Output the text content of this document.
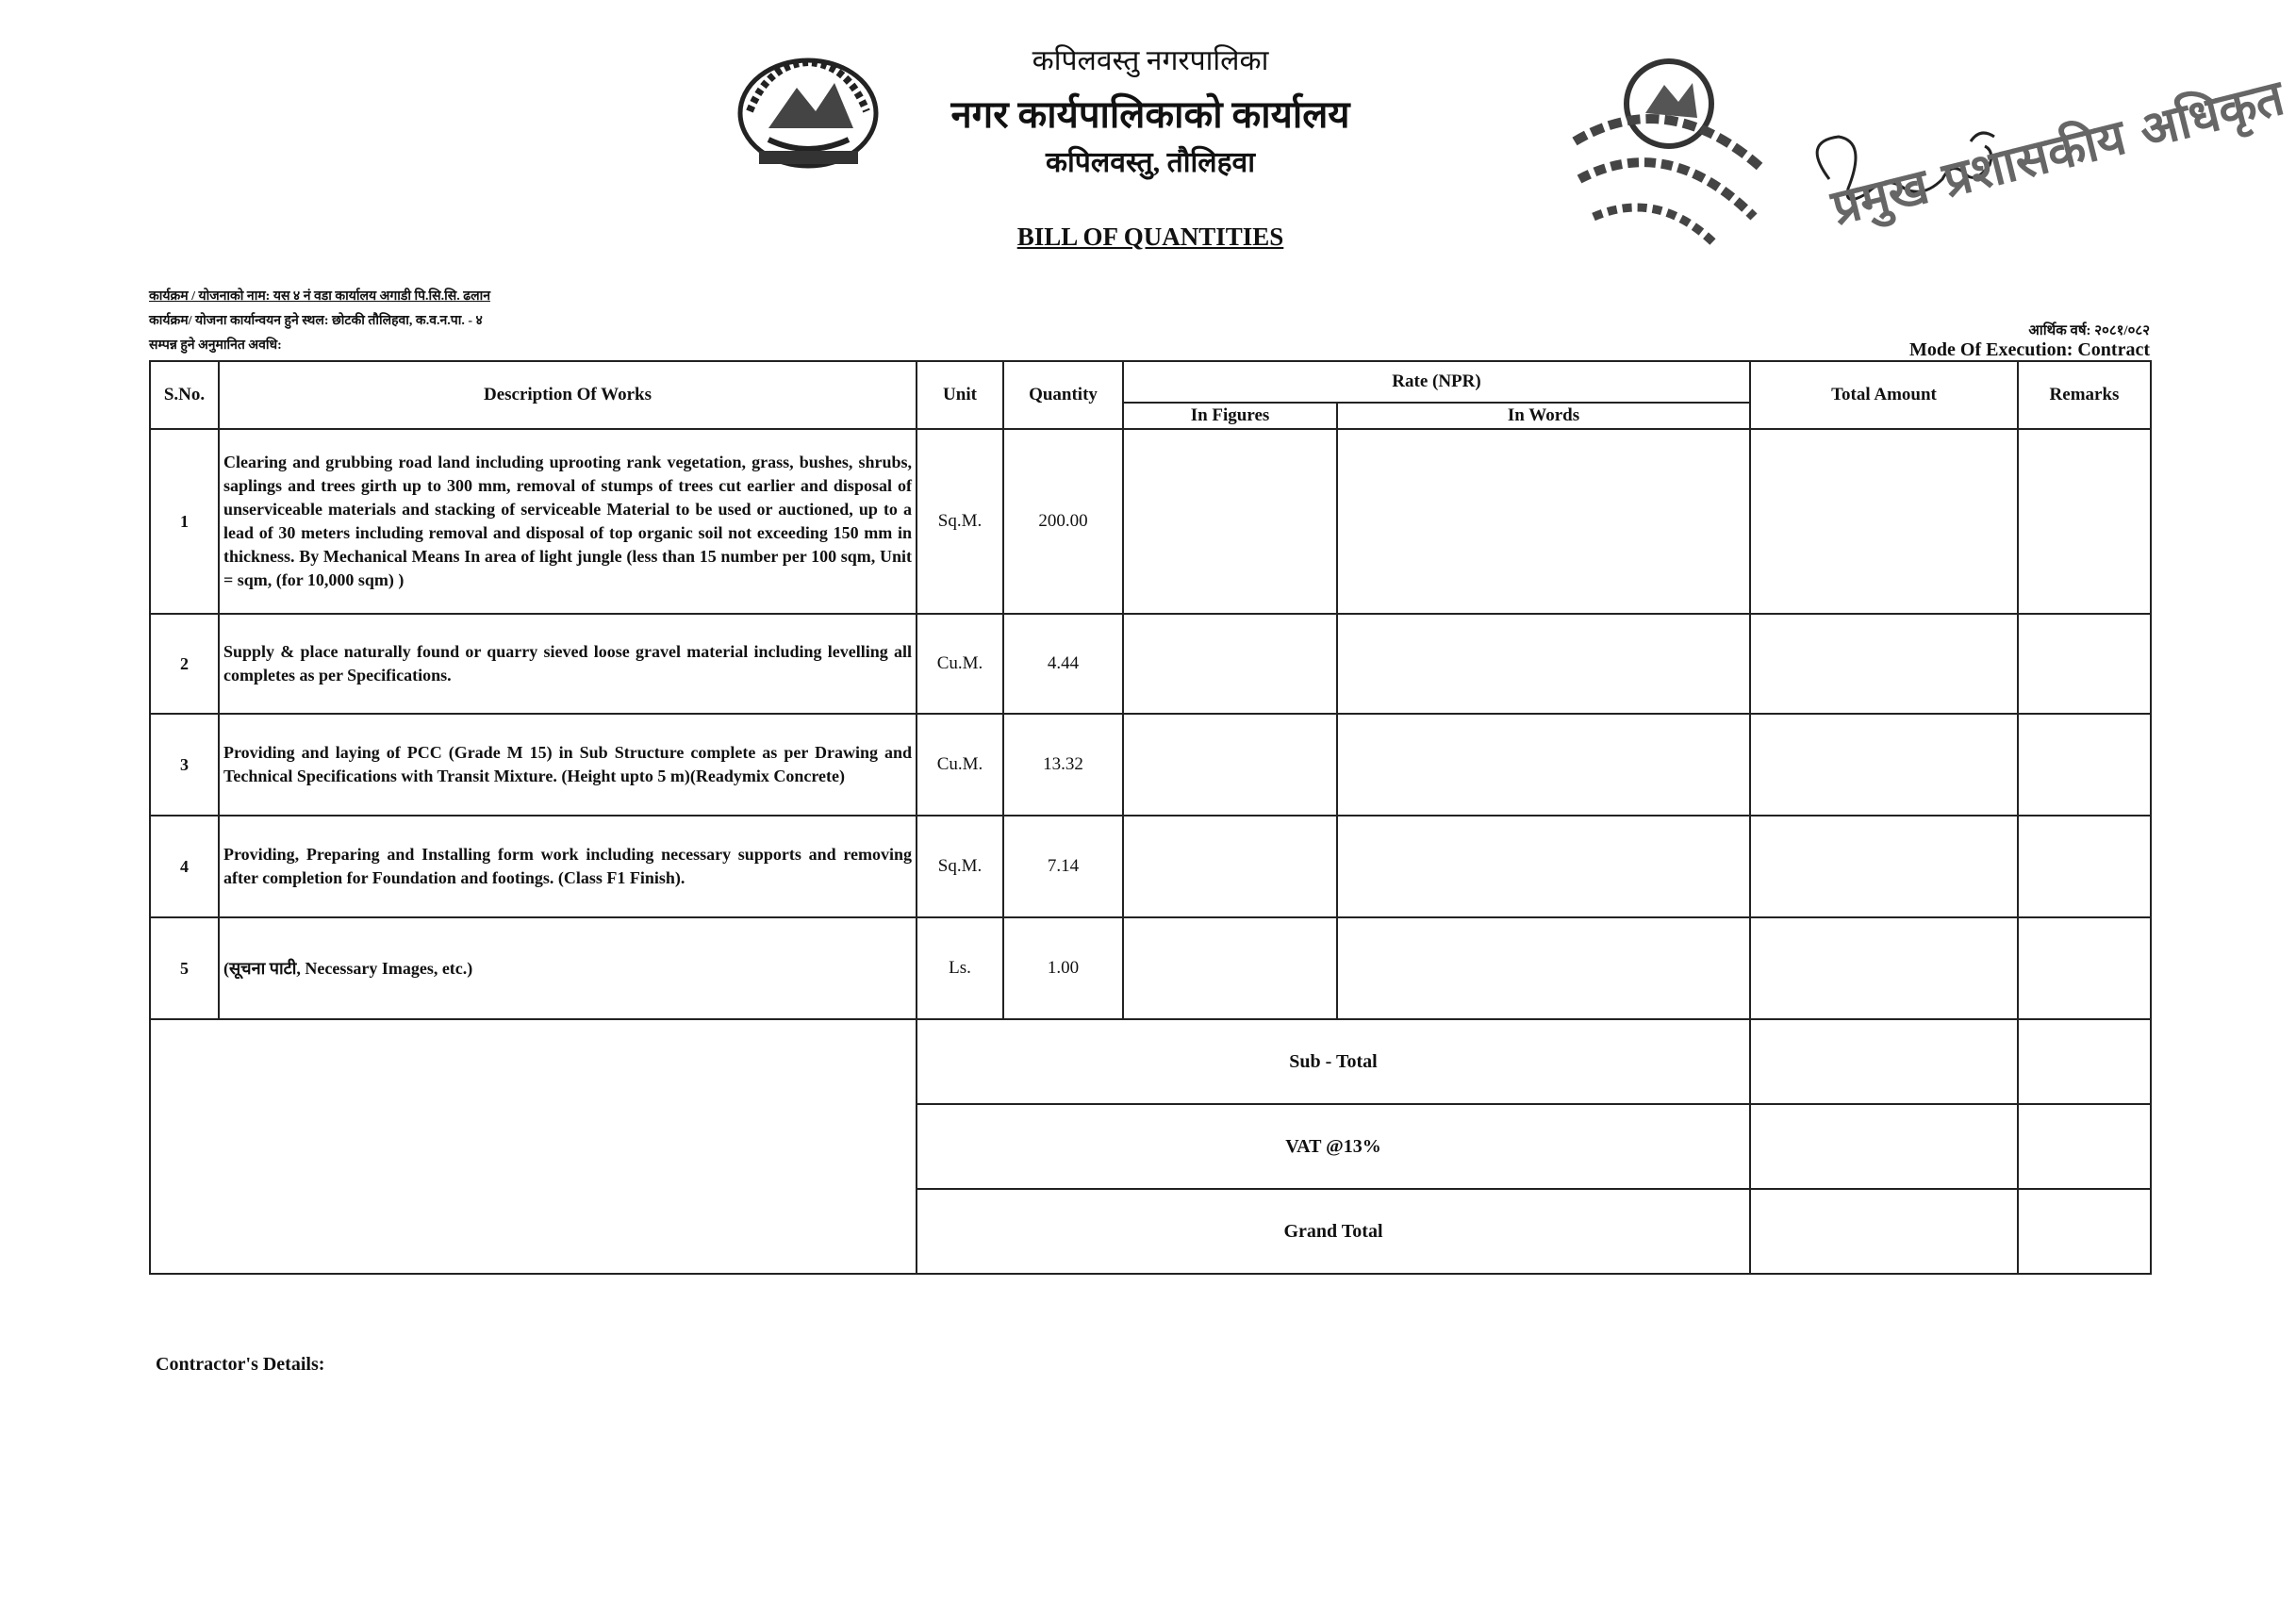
कपिलवस्तु नगरपालिका
नगर कार्यपालिकाको कार्यालय
कपिलवस्तु, तौलिहवा
BILL OF QUANTITIES
प्रमुख प्रशासकीय अधिकृत
कार्यक्रम / योजनाको नाम: यस ४ नं वडा कार्यालय अगाडी पि.सि.सि. ढलान
कार्यक्रम/ योजना कार्यान्वयन हुने स्थल: छोटकी तौलिहवा, क.व.न.पा. - ४
सम्पन्न हुने अनुमानित अवधि:
आर्थिक वर्ष: २०८१/०८२
Mode Of Execution: Contract
S.No.	Description Of Works	Unit	Quantity	Rate (NPR)		Total Amount	Remarks
				In Figures	In Words		
1	Clearing and grubbing road land including uprooting rank vegetation, grass, bushes, shrubs, saplings and trees girth up to 300 mm, removal of stumps of trees cut earlier and disposal of unserviceable materials and stacking of serviceable Material to be used or auctioned, up to a lead of 30 meters including removal and disposal of top organic soil not exceeding 150 mm in thickness. By Mechanical Means In area of light jungle (less than 15 number per 100 sqm, Unit = sqm, (for 10,000 sqm) )	Sq.M.	200.00				
2	Supply & place naturally found or quarry sieved loose gravel material including levelling all completes as per Specifications.	Cu.M.	4.44				
3	Providing and laying of PCC (Grade M 15) in Sub Structure complete as per Drawing and Technical Specifications with Transit Mixture. (Height upto 5 m)(Readymix Concrete)	Cu.M.	13.32				
4	Providing, Preparing and Installing form work including necessary supports and removing after completion for Foundation and footings. (Class F1 Finish).	Sq.M.	7.14				
5	(सूचना पाटी, Necessary Images, etc.)	Ls.	1.00				
		Sub - Total					
		VAT @13%					
		Grand Total					
Contractor's Details:
